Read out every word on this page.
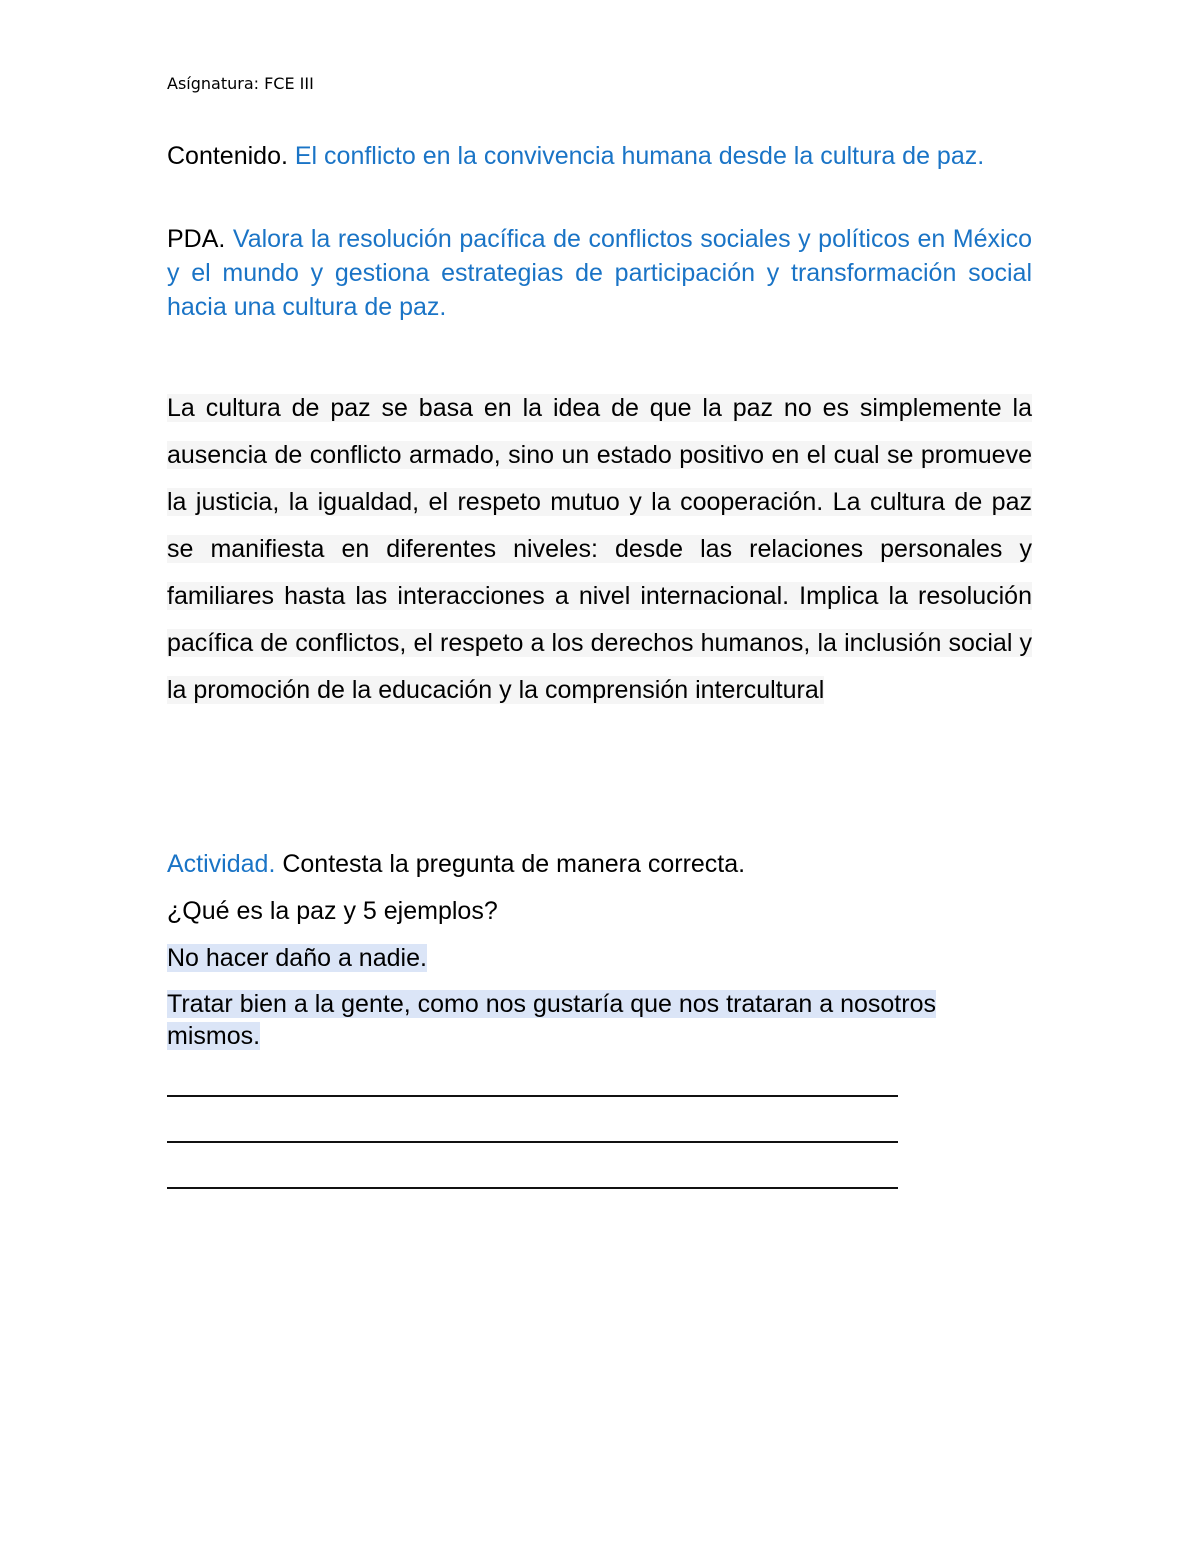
Asígnatura: FCE III
Contenido. El conflicto en la convivencia humana desde la cultura de paz.
PDA. Valora la resolución pacífica de conflictos sociales y políticos en México y el mundo y gestiona estrategias de participación y transformación social hacia una cultura de paz.
La cultura de paz se basa en la idea de que la paz no es simplemente la ausencia de conflicto armado, sino un estado positivo en el cual se promueve la justicia, la igualdad, el respeto mutuo y la cooperación. La cultura de paz se manifiesta en diferentes niveles: desde las relaciones personales y familiares hasta las interacciones a nivel internacional. Implica la resolución pacífica de conflictos, el respeto a los derechos humanos, la inclusión social y la promoción de la educación y la comprensión intercultural
Actividad. Contesta la pregunta de manera correcta.
¿Qué es la paz y 5 ejemplos?
No hacer daño a nadie.
Tratar bien a la gente, como nos gustaría que nos trataran a nosotros mismos.
